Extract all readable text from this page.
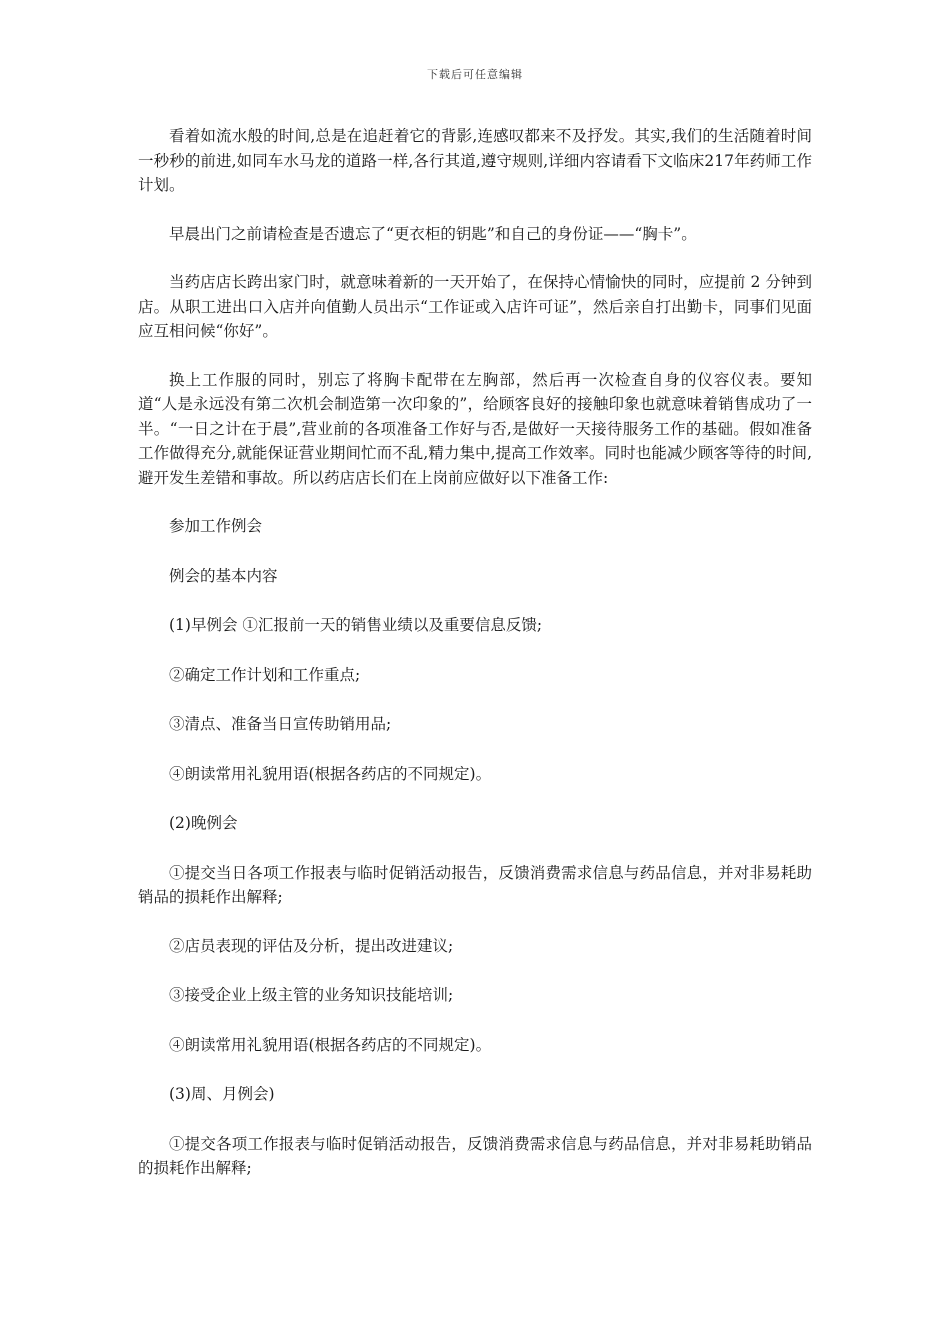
下载后可任意编辑

看着如流水般的时间,总是在追赶着它的背影,连感叹都来不及抒发。其实,我们的生活随着时间一秒秒的前进,如同车水马龙的道路一样,各行其道,遵守规则,详细内容请看下文临床217年药师工作计划。

早晨出门之前请检查是否遗忘了“更衣柜的钥匙”和自己的身份证——“胸卡”。

当药店店长跨出家门时，就意味着新的一天开始了，在保持心情愉快的同时，应提前 2 分钟到店。从职工进出口入店并向值勤人员出示“工作证或入店许可证”，然后亲自打出勤卡，同事们见面应互相问候“你好”。

换上工作服的同时，别忘了将胸卡配带在左胸部，然后再一次检查自身的仪容仪表。要知道“人是永远没有第二次机会制造第一次印象的”，给顾客良好的接触印象也就意味着销售成功了一半。“一日之计在于晨”,营业前的各项准备工作好与否,是做好一天接待服务工作的基础。假如准备工作做得充分,就能保证营业期间忙而不乱,精力集中,提高工作效率。同时也能减少顾客等待的时间,避开发生差错和事故。所以药店店长们在上岗前应做好以下准备工作:

参加工作例会

例会的基本内容

(1)早例会 ①汇报前一天的销售业绩以及重要信息反馈;

②确定工作计划和工作重点;

③清点、准备当日宣传助销用品;

④朗读常用礼貌用语(根据各药店的不同规定)。

(2)晚例会

①提交当日各项工作报表与临时促销活动报告，反馈消费需求信息与药品信息，并对非易耗助销品的损耗作出解释;

②店员表现的评估及分析，提出改进建议;

③接受企业上级主管的业务知识技能培训;

④朗读常用礼貌用语(根据各药店的不同规定)。

(3)周、月例会)

①提交各项工作报表与临时促销活动报告，反馈消费需求信息与药品信息，并对非易耗助销品的损耗作出解释;
